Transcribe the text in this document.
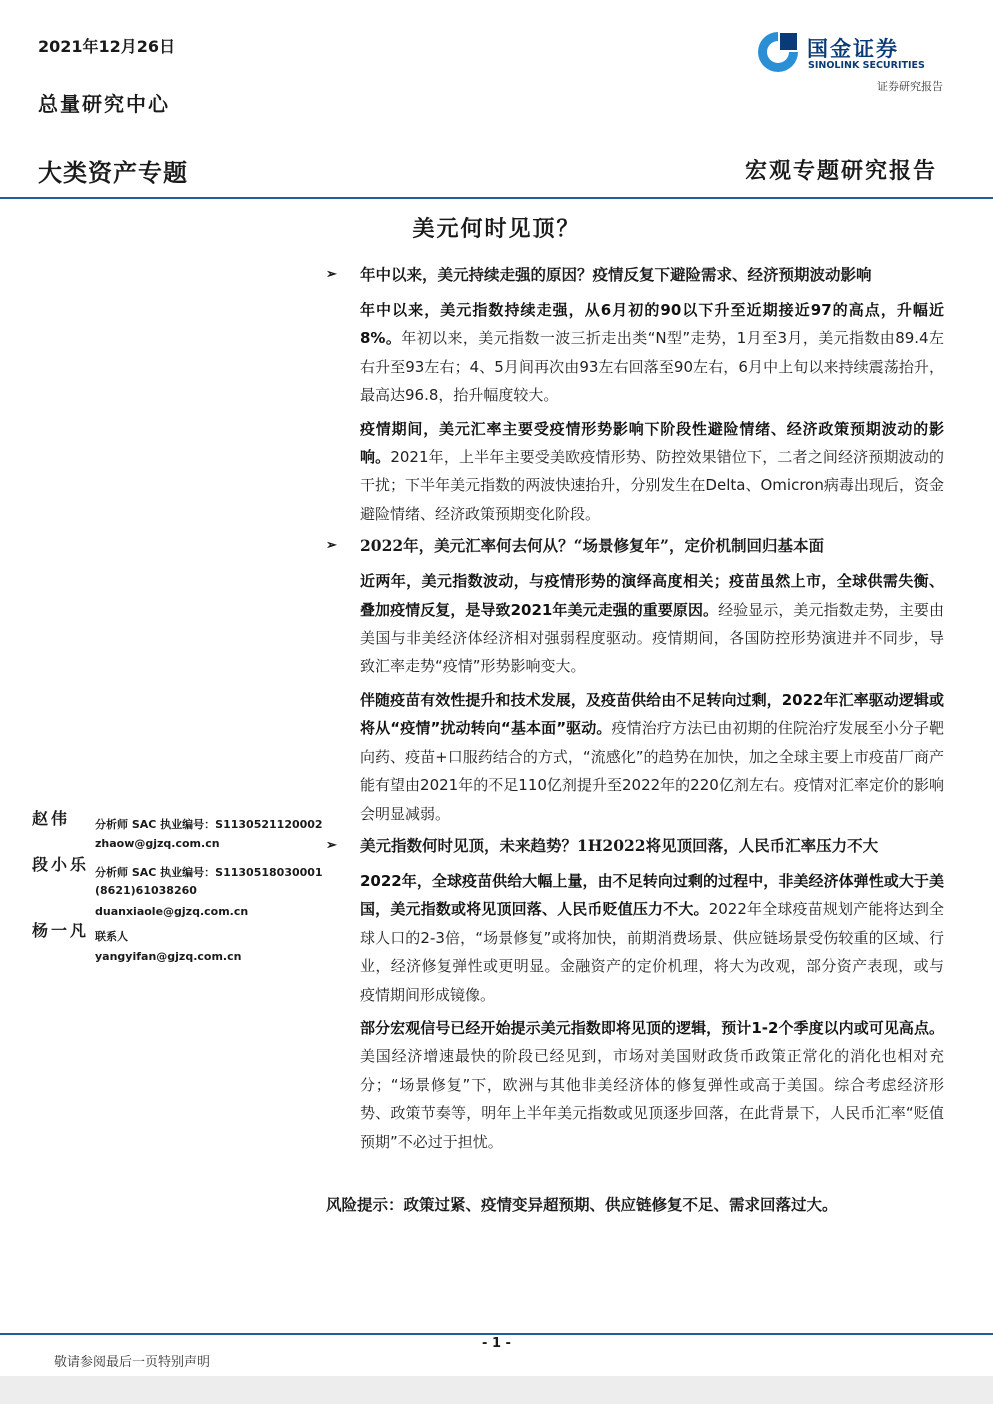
2021年12月26日
总量研究中心
大类资产专题	宏观专题研究报告
国金证券
SINOLINK SECURITIES
证券研究报告
美元何时见顶？
➢ 年中以来，美元持续走强的原因？疫情反复下避险需求、经济预期波动影响
年中以来，美元指数持续走强，从6月初的90以下升至近期接近97的高点，升幅近8%。年初以来，美元指数一波三折走出类“N型”走势，1月至3月，美元指数由89.4左右升至93左右；4、5月间再次由93左右回落至90左右，6月中上旬以来持续震荡抬升，最高达96.8，抬升幅度较大。
疫情期间，美元汇率主要受疫情形势影响下阶段性避险情绪、经济政策预期波动的影响。2021年，上半年主要受美欧疫情形势、防控效果错位下，二者之间经济预期波动的干扰；下半年美元指数的两波快速抬升，分别发生在Delta、Omicron病毒出现后，资金避险情绪、经济政策预期变化阶段。
➢ 2022年，美元汇率何去何从？“场景修复年”，定价机制回归基本面
近两年，美元指数波动，与疫情形势的演绎高度相关；疫苗虽然上市，全球供需失衡、叠加疫情反复，是导致2021年美元走强的重要原因。经验显示，美元指数走势，主要由美国与非美经济体经济相对强弱程度驱动。疫情期间，各国防控形势演进并不同步，导致汇率走势“疫情”形势影响变大。
伴随疫苗有效性提升和技术发展，及疫苗供给由不足转向过剩，2022年汇率驱动逻辑或将从“疫情”扰动转向“基本面”驱动。疫情治疗方法已由初期的住院治疗发展至小分子靶向药、疫苗+口服药结合的方式，“流感化”的趋势在加快，加之全球主要上市疫苗厂商产能有望由2021年的不足110亿剂提升至2022年的220亿剂左右。疫情对汇率定价的影响会明显减弱。
➢ 美元指数何时见顶，未来趋势？1H2022将见顶回落，人民币汇率压力不大
2022年，全球疫苗供给大幅上量，由不足转向过剩的过程中，非美经济体弹性或大于美国，美元指数或将见顶回落、人民币贬值压力不大。2022年全球疫苗规划产能将达到全球人口的2-3倍，“场景修复”或将加快，前期消费场景、供应链场景受伤较重的区域、行业，经济修复弹性或更明显。金融资产的定价机理，将大为改观，部分资产表现，或与疫情期间形成镜像。
部分宏观信号已经开始提示美元指数即将见顶的逻辑，预计1-2个季度以内或可见高点。美国经济增速最快的阶段已经见到，市场对美国财政货币政策正常化的消化也相对充分；“场景修复”下，欧洲与其他非美经济体的修复弹性或高于美国。综合考虑经济形势、政策节奏等，明年上半年美元指数或见顶逐步回落，在此背景下，人民币汇率“贬值预期”不必过于担忧。
风险提示：政策过紧、疫情变异超预期、供应链修复不足、需求回落过大。
赵伟 分析师 SAC 执业编号：S1130521120002
zhaow@gjzq.com.cn
段小乐 分析师 SAC 执业编号：S1130518030001
(8621)61038260
duanxiaole@gjzq.com.cn
杨一凡 联系人
yangyifan@gjzq.com.cn
- 1 -
敬请参阅最后一页特别声明
